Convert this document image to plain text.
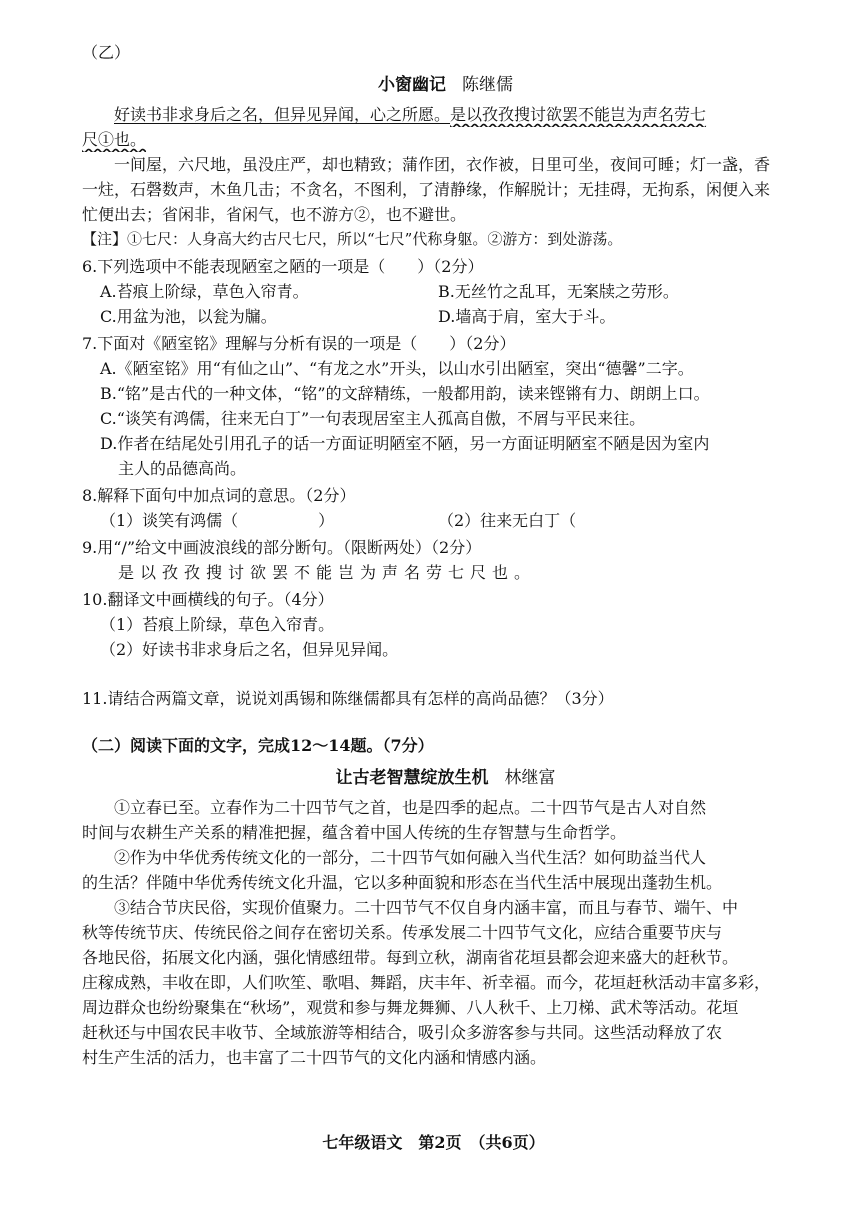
（乙）
小窗幽记 陈继儒
好读书非求身后之名，但异见异闻，心之所愿。是以孜孜搜讨欲罢不能岂为声名劳七
尺①也。
一间屋，六尺地，虽没庄严，却也精致；蒲作团，衣作被，日里可坐，夜间可睡；灯一盏，香
一炷，石磬数声，木鱼几击；不贪名，不图利，了清静缘，作解脱计；无挂碍，无拘系，闲便入来
忙便出去；省闲非，省闲气，也不游方②，也不避世。
【注】①七尺：人身高大约古尺七尺，所以“七尺”代称身躯。②游方：到处游荡。
6.下列选项中不能表现陋室之陋的一项是（　　）（2分）
A.苔痕上阶绿，草色入帘青。	B.无丝竹之乱耳，无案牍之劳形。
C.用盆为池，以瓮为牖。	D.墙高于肩，室大于斗。
7.下面对《陋室铭》理解与分析有误的一项是（　　）（2分）
A.《陋室铭》用“有仙之山”、“有龙之水”开头，以山水引出陋室，突出“德馨”二字。
B.“铭”是古代的一种文体，“铭”的文辞精练，一般都用韵，读来铿锵有力、朗朗上口。
C.“谈笑有鸿儒，往来无白丁”一句表现居室主人孤高自傲，不屑与平民来往。
D.作者在结尾处引用孔子的话一方面证明陋室不陋，另一方面证明陋室不陋是因为室内
主人的品德高尚。
8.解释下面句中加点词的意思。（2分）
（1）谈笑有鸿儒（　　　　　）	（2）往来无白丁（
9.用“/”给文中画波浪线的部分断句。（限断两处）（2分）
是以孜孜搜讨欲罢不能岂为声名劳七尺也。
10.翻译文中画横线的句子。（4分）
（1）苔痕上阶绿，草色入帘青。
（2）好读书非求身后之名，但异见异闻。
11.请结合两篇文章，说说刘禹锡和陈继儒都具有怎样的高尚品德？（3分）
（二）阅读下面的文字，完成12～14题。（7分）
让古老智慧绽放生机 林继富
①立春已至。立春作为二十四节气之首，也是四季的起点。二十四节气是古人对自然
时间与农耕生产关系的精准把握，蕴含着中国人传统的生存智慧与生命哲学。
②作为中华优秀传统文化的一部分，二十四节气如何融入当代生活？如何助益当代人
的生活？伴随中华优秀传统文化升温，它以多种面貌和形态在当代生活中展现出蓬勃生机。
③结合节庆民俗，实现价值聚力。二十四节气不仅自身内涵丰富，而且与春节、端午、中
秋等传统节庆、传统民俗之间存在密切关系。传承发展二十四节气文化，应结合重要节庆与
各地民俗，拓展文化内涵，强化情感纽带。每到立秋，湖南省花垣县都会迎来盛大的赶秋节。
庄稼成熟，丰收在即，人们吹笙、歌唱、舞蹈，庆丰年、祈幸福。而今，花垣赶秋活动丰富多彩，
周边群众也纷纷聚集在“秋场”，观赏和参与舞龙舞狮、八人秋千、上刀梯、武术等活动。花垣
赶秋还与中国农民丰收节、全域旅游等相结合，吸引众多游客参与共同。这些活动释放了农
村生产生活的活力，也丰富了二十四节气的文化内涵和情感内涵。
七年级语文　第2页　（共6页）
